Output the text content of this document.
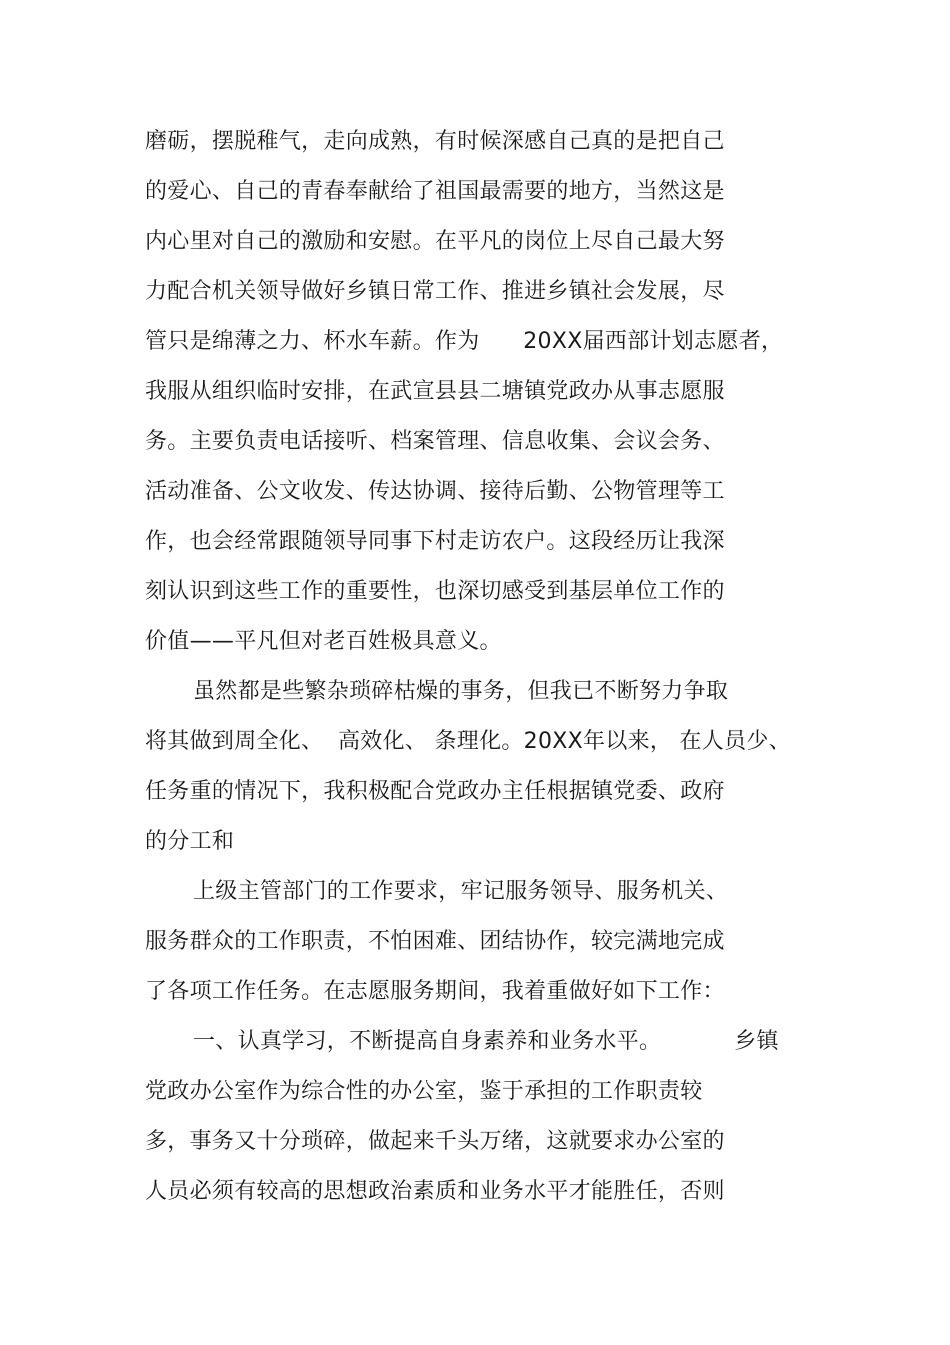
磨砺，摆脱稚气，走向成熟，有时候深感自己真的是把自己
的爱心、自己的青春奉献给了祖国最需要的地方，当然这是
内心里对自己的激励和安慰。在平凡的岗位上尽自己最大努
力配合机关领导做好乡镇日常工作、推进乡镇社会发展，尽
管只是绵薄之力、杯水车薪。作为      20XX届西部计划志愿者，
我服从组织临时安排，在武宣县县二塘镇党政办从事志愿服
务。主要负责电话接听、档案管理、信息收集、会议会务、
活动准备、公文收发、传达协调、接待后勤、公物管理等工
作，也会经常跟随领导同事下村走访农户。这段经历让我深
刻认识到这些工作的重要性，也深切感受到基层单位工作的
价值——平凡但对老百姓极具意义。
虽然都是些繁杂琐碎枯燥的事务，但我已不断努力争取
将其做到周全化、  高效化、 条理化。20XX年以来， 在人员少、
任务重的情况下，我积极配合党政办主任根据镇党委、政府
的分工和
上级主管部门的工作要求，牢记服务领导、服务机关、
服务群众的工作职责，不怕困难、团结协作，较完满地完成
了各项工作任务。在志愿服务期间，我着重做好如下工作：
一、认真学习，不断提高自身素养和业务水平。          乡镇
党政办公室作为综合性的办公室，鉴于承担的工作职责较
多，事务又十分琐碎，做起来千头万绪，这就要求办公室的
人员必须有较高的思想政治素质和业务水平才能胜任，否则
